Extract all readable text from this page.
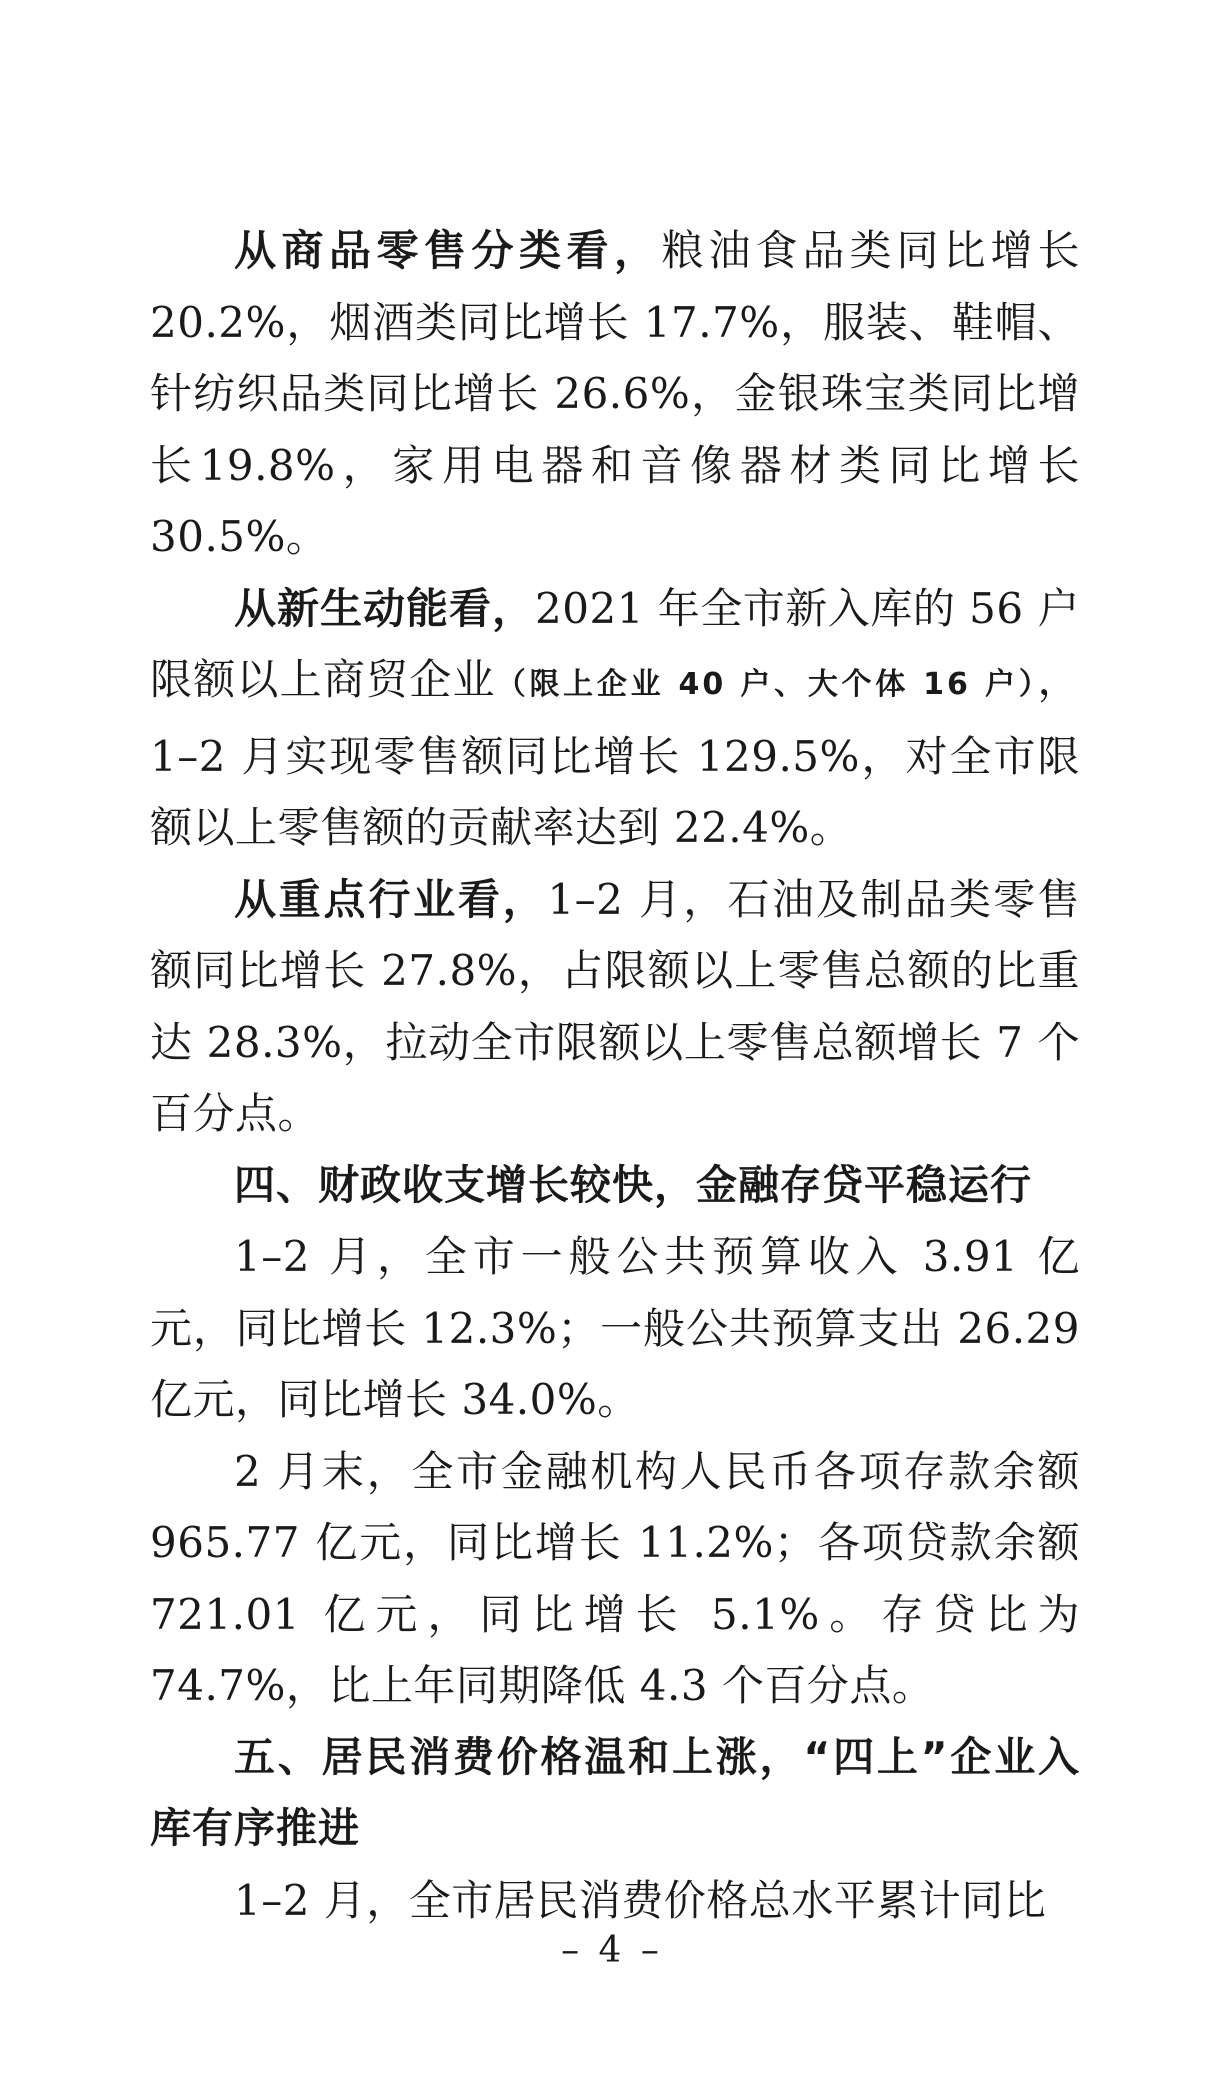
从商品零售分类看，粮油食品类同比增长20.2%，烟酒类同比增长 17.7%，服装、鞋帽、针纺织品类同比增长 26.6%，金银珠宝类同比增长19.8%，家用电器和音像器材类同比增长 30.5%。

从新生动能看，2021 年全市新入库的 56 户限额以上商贸企业（限上企业 40 户、大个体 16 户），1–2 月实现零售额同比增长 129.5%，对全市限额以上零售额的贡献率达到 22.4%。

从重点行业看，1–2 月，石油及制品类零售额同比增长 27.8%，占限额以上零售总额的比重达 28.3%，拉动全市限额以上零售总额增长 7 个百分点。

四、财政收支增长较快，金融存贷平稳运行

1–2 月，全市一般公共预算收入 3.91 亿元，同比增长 12.3%；一般公共预算支出 26.29 亿元，同比增长 34.0%。

2 月末，全市金融机构人民币各项存款余额965.77 亿元，同比增长 11.2%；各项贷款余额721.01 亿元，同比增长 5.1%。存贷比为 74.7%，比上年同期降低 4.3 个百分点。

五、居民消费价格温和上涨，“四上”企业入库有序推进

1–2 月，全市居民消费价格总水平累计同比

– 4 –
